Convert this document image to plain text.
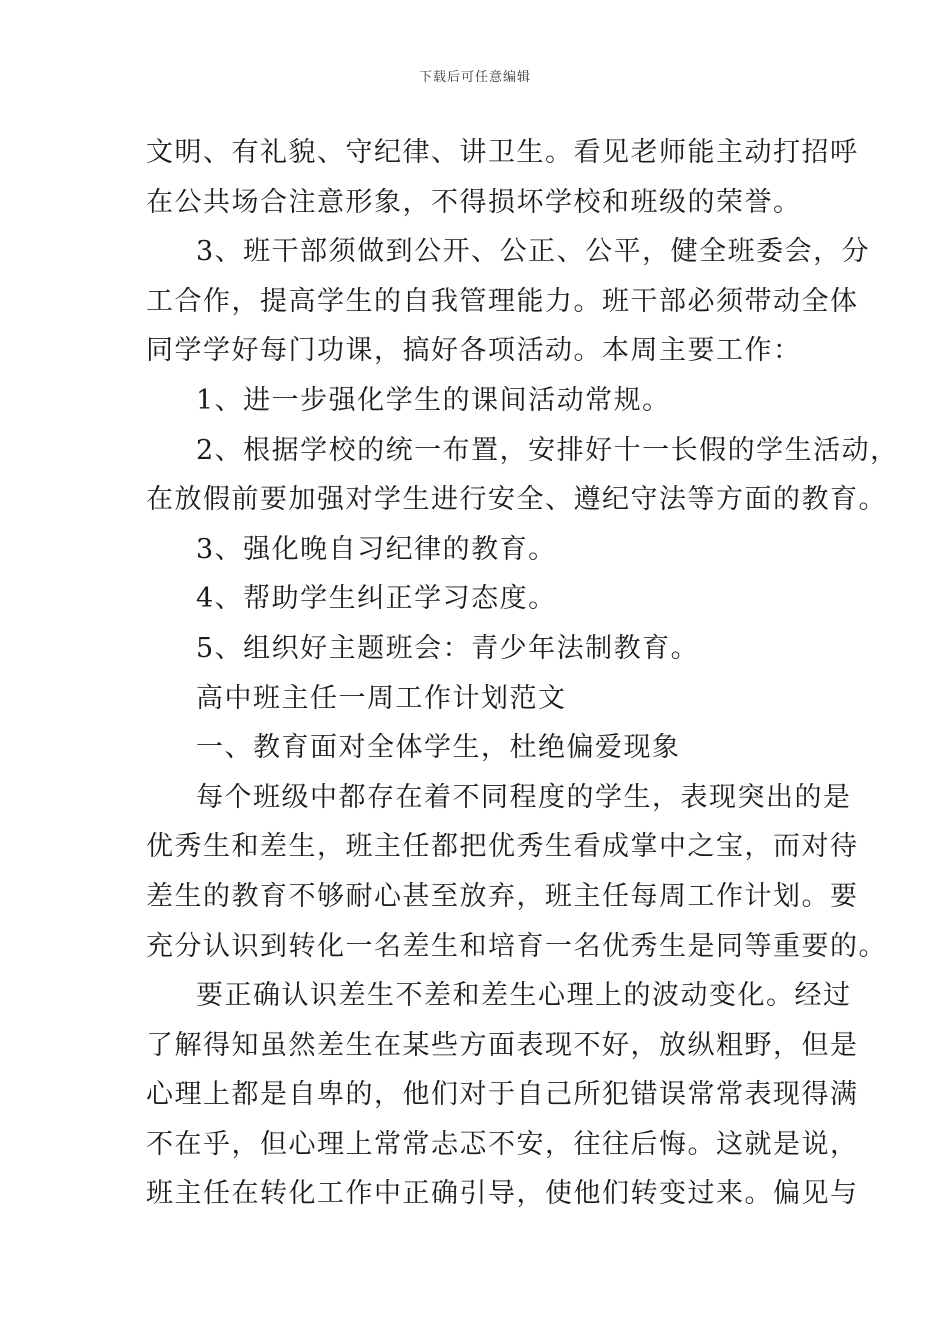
下载后可任意编辑
文明、有礼貌、守纪律、讲卫生。看见老师能主动打招呼
在公共场合注意形象，不得损坏学校和班级的荣誉。
3、班干部须做到公开、公正、公平，健全班委会，分
工合作，提高学生的自我管理能力。班干部必须带动全体
同学学好每门功课，搞好各项活动。本周主要工作：
1、进一步强化学生的课间活动常规。
2、根据学校的统一布置，安排好十一长假的学生活动，
在放假前要加强对学生进行安全、遵纪守法等方面的教育。
3、强化晚自习纪律的教育。
4、帮助学生纠正学习态度。
5、组织好主题班会：青少年法制教育。
高中班主任一周工作计划范文
一、教育面对全体学生，杜绝偏爱现象
每个班级中都存在着不同程度的学生，表现突出的是
优秀生和差生，班主任都把优秀生看成掌中之宝，而对待
差生的教育不够耐心甚至放弃，班主任每周工作计划。要
充分认识到转化一名差生和培育一名优秀生是同等重要的。
要正确认识差生不差和差生心理上的波动变化。经过
了解得知虽然差生在某些方面表现不好，放纵粗野，但是
心理上都是自卑的，他们对于自己所犯错误常常表现得满
不在乎，但心理上常常忐忑不安，往往后悔。这就是说，
班主任在转化工作中正确引导，使他们转变过来。偏见与
